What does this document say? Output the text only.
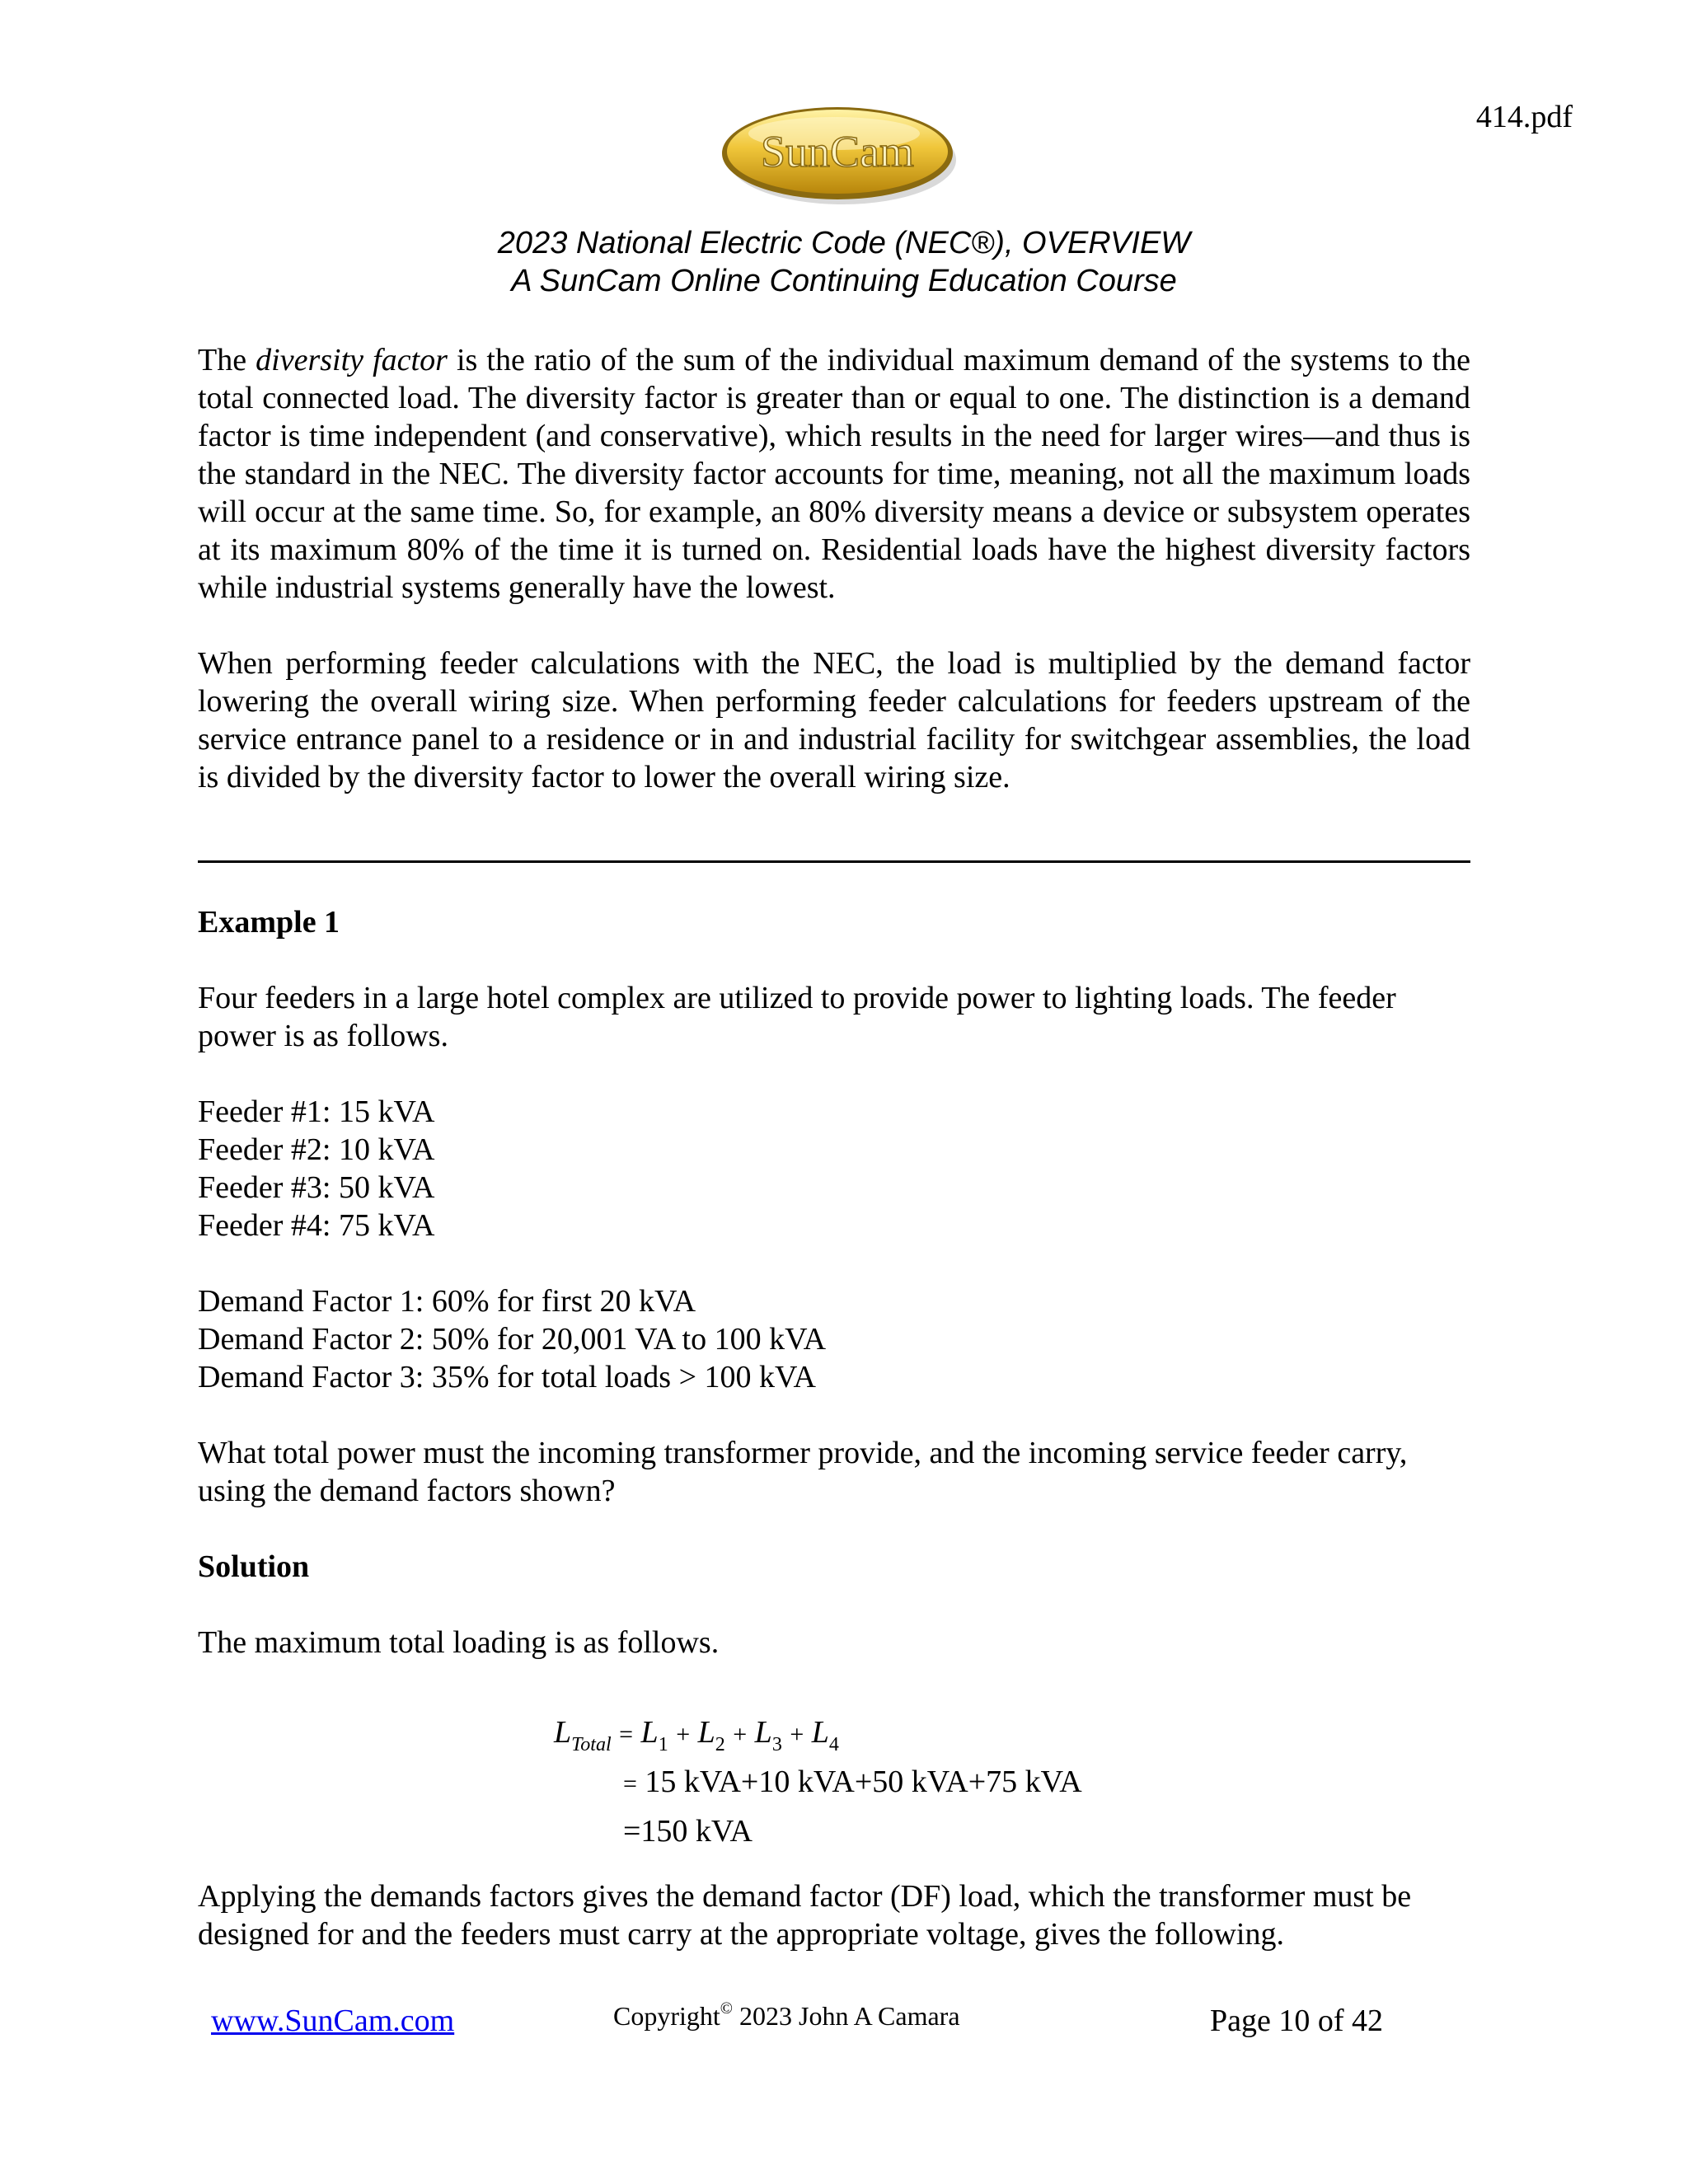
414.pdf
SunCam
2023 National Electric Code (NEC®), OVERVIEW
A SunCam Online Continuing Education Course

The diversity factor is the ratio of the sum of the individual maximum demand of the systems to the total connected load. The diversity factor is greater than or equal to one. The distinction is a demand factor is time independent (and conservative), which results in the need for larger wires—and thus is the standard in the NEC. The diversity factor accounts for time, meaning, not all the maximum loads will occur at the same time. So, for example, an 80% diversity means a device or subsystem operates at its maximum 80% of the time it is turned on. Residential loads have the highest diversity factors while industrial systems generally have the lowest.

When performing feeder calculations with the NEC, the load is multiplied by the demand factor lowering the overall wiring size. When performing feeder calculations for feeders upstream of the service entrance panel to a residence or in and industrial facility for switchgear assemblies, the load is divided by the diversity factor to lower the overall wiring size.

Example 1

Four feeders in a large hotel complex are utilized to provide power to lighting loads. The feeder power is as follows.

Feeder #1: 15 kVA
Feeder #2: 10 kVA
Feeder #3: 50 kVA
Feeder #4: 75 kVA
Demand Factor 1: 60% for first 20 kVA
Demand Factor 2: 50% for 20,001 VA to 100 kVA
Demand Factor 3: 35% for total loads > 100 kVA

What total power must the incoming transformer provide, and the incoming service feeder carry, using the demand factors shown?

Solution

The maximum total loading is as follows.

$L_{Total} = L_1 + L_2 + L_3 + L_4$
= 15 kVA+10 kVA+50 kVA+75 kVA
=150 kVA

Applying the demands factors gives the demand factor (DF) load, which the transformer must be designed for and the feeders must carry at the appropriate voltage, gives the following.

www.SunCam.com	Copyright© 2023 John A Camara	Page 10 of 42
